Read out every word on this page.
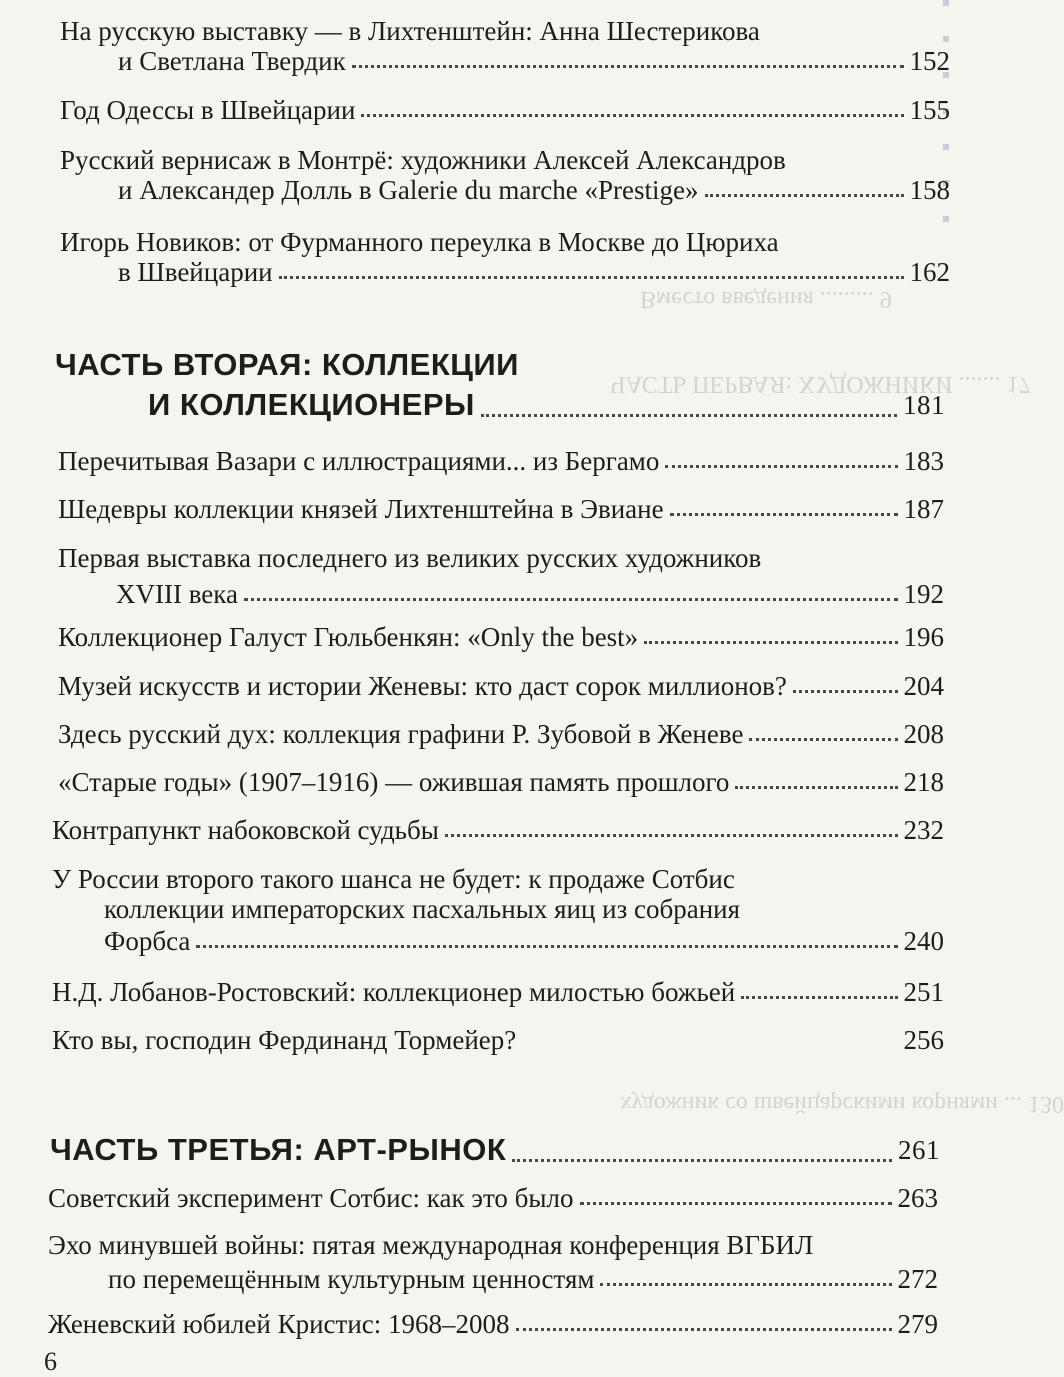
Вместо введения ......... 9
ЧАСТЬ ПЕРВАЯ: ХУДОЖНИКИ ....... 17
художник со швейцарскими корнями ... 130
На русскую выставку — в Лихтенштейн: Анна Шестерикова
и Светлана Твердик	152
Год Одессы в Швейцарии	155
Русский вернисаж в Монтрё: художники Алексей Александров
и Александер Долль в Galerie du marche «Prestige»	158
Игорь Новиков: от Фурманного переулка в Москве до Цюриха
в Швейцарии	162
ЧАСТЬ ВТОРАЯ: КОЛЛЕКЦИИ
И КОЛЛЕКЦИОНЕРЫ	181
Перечитывая Вазари с иллюстрациями... из Бергамо	183
Шедевры коллекции князей Лихтенштейна в Эвиане	187
Первая выставка последнего из великих русских художников
XVIII века	192
Коллекционер Галуст Гюльбенкян: «Only the best»	196
Музей искусств и истории Женевы: кто даст сорок миллионов?	204
Здесь русский дух: коллекция графини Р. Зубовой в Женеве	208
«Старые годы» (1907–1916) — ожившая память прошлого	218
Контрапункт набоковской судьбы	232
У России второго такого шанса не будет: к продаже Сотбис
коллекции императорских пасхальных яиц из собрания
Форбса	240
Н.Д. Лобанов-Ростовский: коллекционер милостью божьей	251
Кто вы, господин Фердинанд Тормейер?	256
ЧАСТЬ ТРЕТЬЯ: АРТ-РЫНОК	261
Советский эксперимент Сотбис: как это было	263
Эхо минувшей войны: пятая международная конференция ВГБИЛ
по перемещённым культурным ценностям	272
Женевский юбилей Кристис: 1968–2008	279
6
